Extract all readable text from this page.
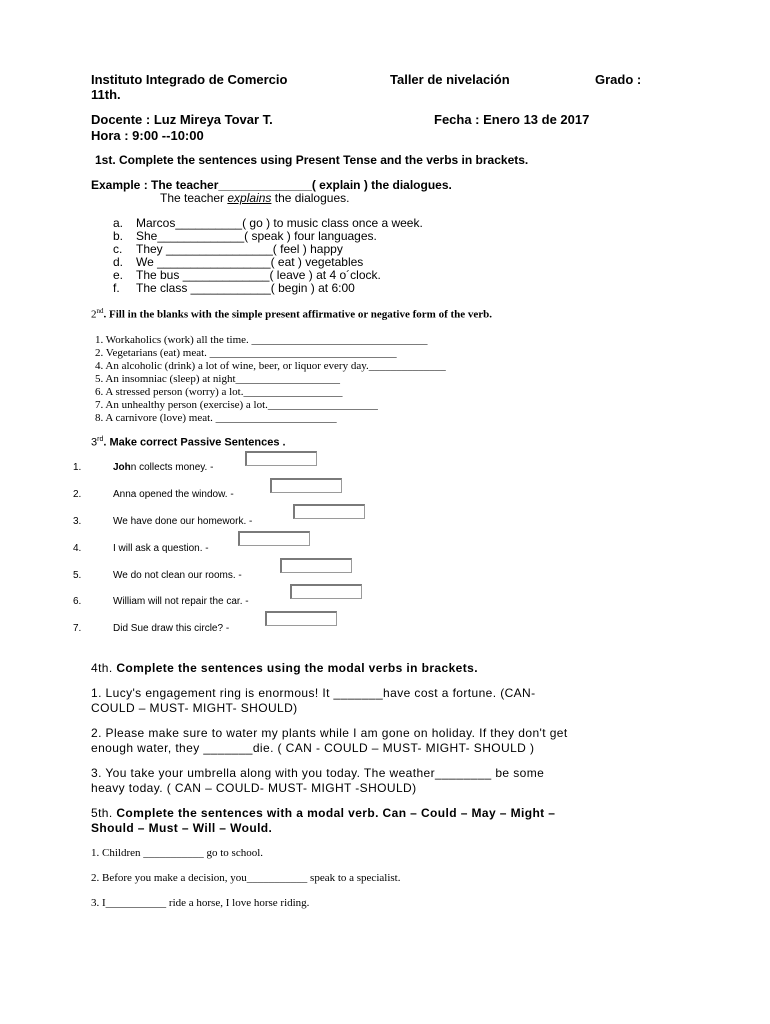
Instituto Integrado de Comercio	Taller de nivelación	Grado :
11th.
Docente : Luz Mireya Tovar T.	Fecha : Enero 13 de 2017
Hora : 9:00 --10:00
1st. Complete the sentences using Present Tense and the verbs in brackets.
Example : The teacher______________( explain ) the dialogues.
The teacher explains the dialogues.
a. Marcos__________( go ) to music class once a week.
b. She_____________( speak ) four languages.
c. They ________________( feel ) happy
d. We _________________( eat ) vegetables
e. The bus _____________( leave ) at 4 o´clock.
f. The class ____________( begin ) at 6:00
2nd. Fill in the blanks with the simple present affirmative or negative form of the verb.
1. Workaholics (work) all the time. ________________________________
2. Vegetarians (eat) meat. __________________________________
4. An alcoholic (drink) a lot of wine, beer, or liquor every day.______________
5. An insomniac (sleep) at night___________________
6. A stressed person (worry) a lot.__________________
7. An unhealthy person (exercise) a lot.____________________
8. A carnivore (love) meat. ______________________
3rd. Make correct Passive Sentences .
1.	John collects money. -
2.	Anna opened the window. -
3.	We have done our homework. -
4.	I will ask a question. -
5.	We do not clean our rooms. -
6.	William will not repair the car. -
7.	Did Sue draw this circle? -
4th. Complete the sentences using the modal verbs in brackets.
1. Lucy's engagement ring is enormous! It _______have cost a fortune. (CAN-
COULD – MUST- MIGHT- SHOULD)
2. Please make sure to water my plants while I am gone on holiday. If they don't get
enough water, they _______die. ( CAN - COULD – MUST- MIGHT- SHOULD )
3. You take your umbrella along with you today. The weather________ be some
heavy today. ( CAN – COULD- MUST- MIGHT -SHOULD)
5th. Complete the sentences with a modal verb. Can – Could – May – Might –
Should – Must – Will – Would.
1. Children ___________ go to school.
2. Before you make a decision, you___________ speak to a specialist.
3. I___________ ride a horse, I love horse riding.
